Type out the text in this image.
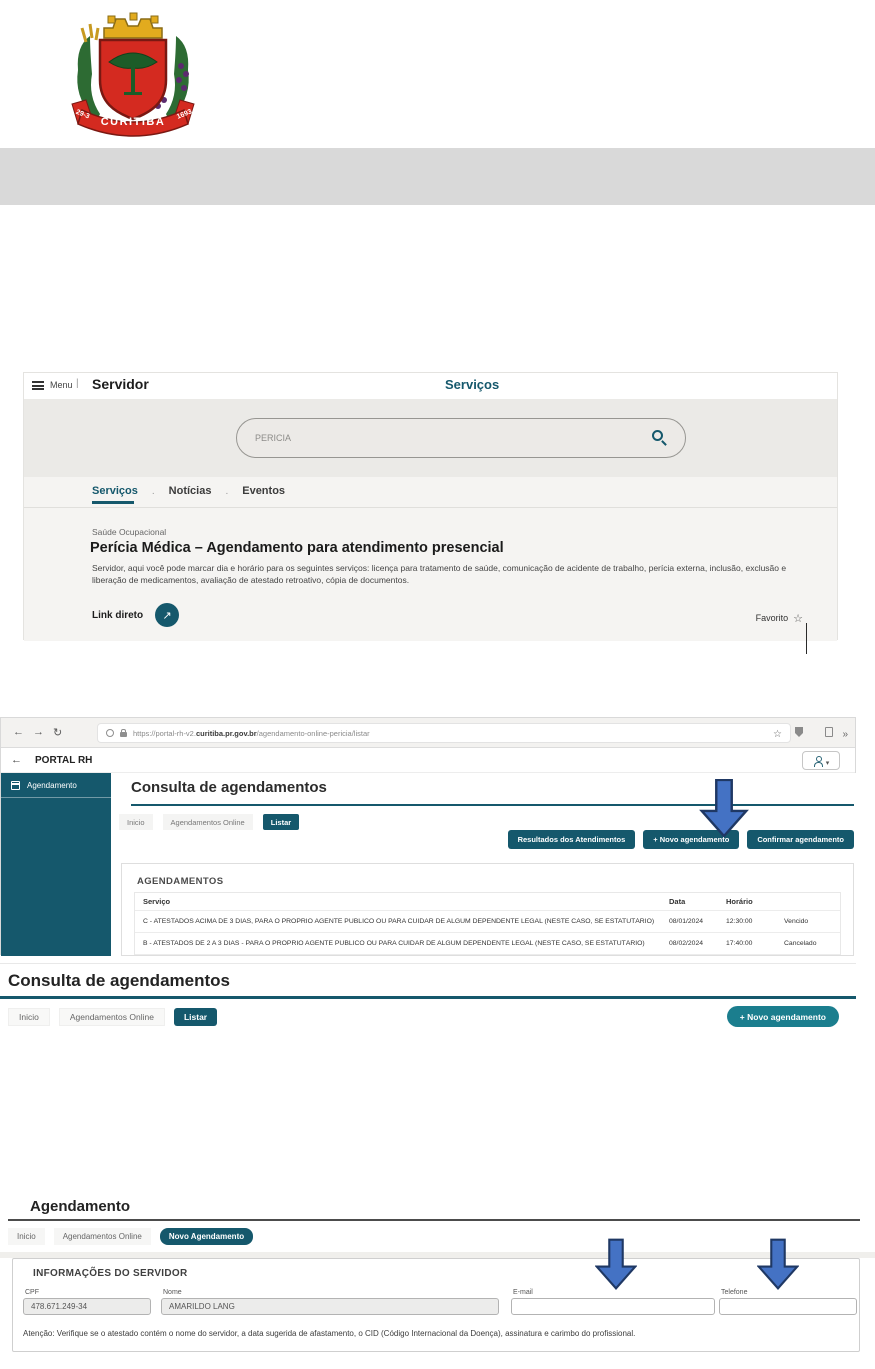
CURITIBA
29-3	1693
Menu | Servidor	Serviços
PERICIA
Serviços . Notícias . Eventos
Saúde Ocupacional
Perícia Médica – Agendamento para atendimento presencial
Servidor, aqui você pode marcar dia e horário para os seguintes serviços: licença para tratamento de saúde, comunicação de acidente de trabalho, perícia externa, inclusão, exclusão e liberação de medicamentos, avaliação de atestado retroativo, cópia de documentos.
Link direto ↗	Favorito
☆
←
→
↻
https://portal-rh-v2.curitiba.pr.gov.br/agendamento-online-pericia/listar
☆
»
←
PORTAL RH
▾
Agendamento	Consulta de agendamentos
Inicio	Agendamentos Online	Listar
Resultados dos Atendimentos	+ Novo agendamento	Confirmar agendamento
AGENDAMENTOS
Serviço	Data	Horário
C - ATESTADOS ACIMA DE 3 DIAS, PARA O PRÓPRIO AGENTE PÚBLICO OU PARA CUIDAR DE ALGUM DEPENDENTE LEGAL (NESTE CASO, SE ESTATUTÁRIO)	08/01/2024	12:30:00	Vencido
B - ATESTADOS DE 2 A 3 DIAS - PARA O PRÓPRIO AGENTE PÚBLICO OU PARA CUIDAR DE ALGUM DEPENDENTE LEGAL (NESTE CASO, SE ESTATUTÁRIO)	08/02/2024	17:40:00	Cancelado
Consulta de agendamentos
Inicio	Agendamentos Online	Listar	+ Novo agendamento
Agendamento
Inicio	Agendamentos Online	Novo Agendamento
INFORMAÇÕES DO SERVIDOR
CPF
478.671.249-34	Nome
AMARILDO LANG	E-mail	Telefone
Atenção: Verifique se o atestado contém o nome do servidor, a data sugerida de afastamento, o CID (Código Internacional da Doença), assinatura e carimbo do profissional.
